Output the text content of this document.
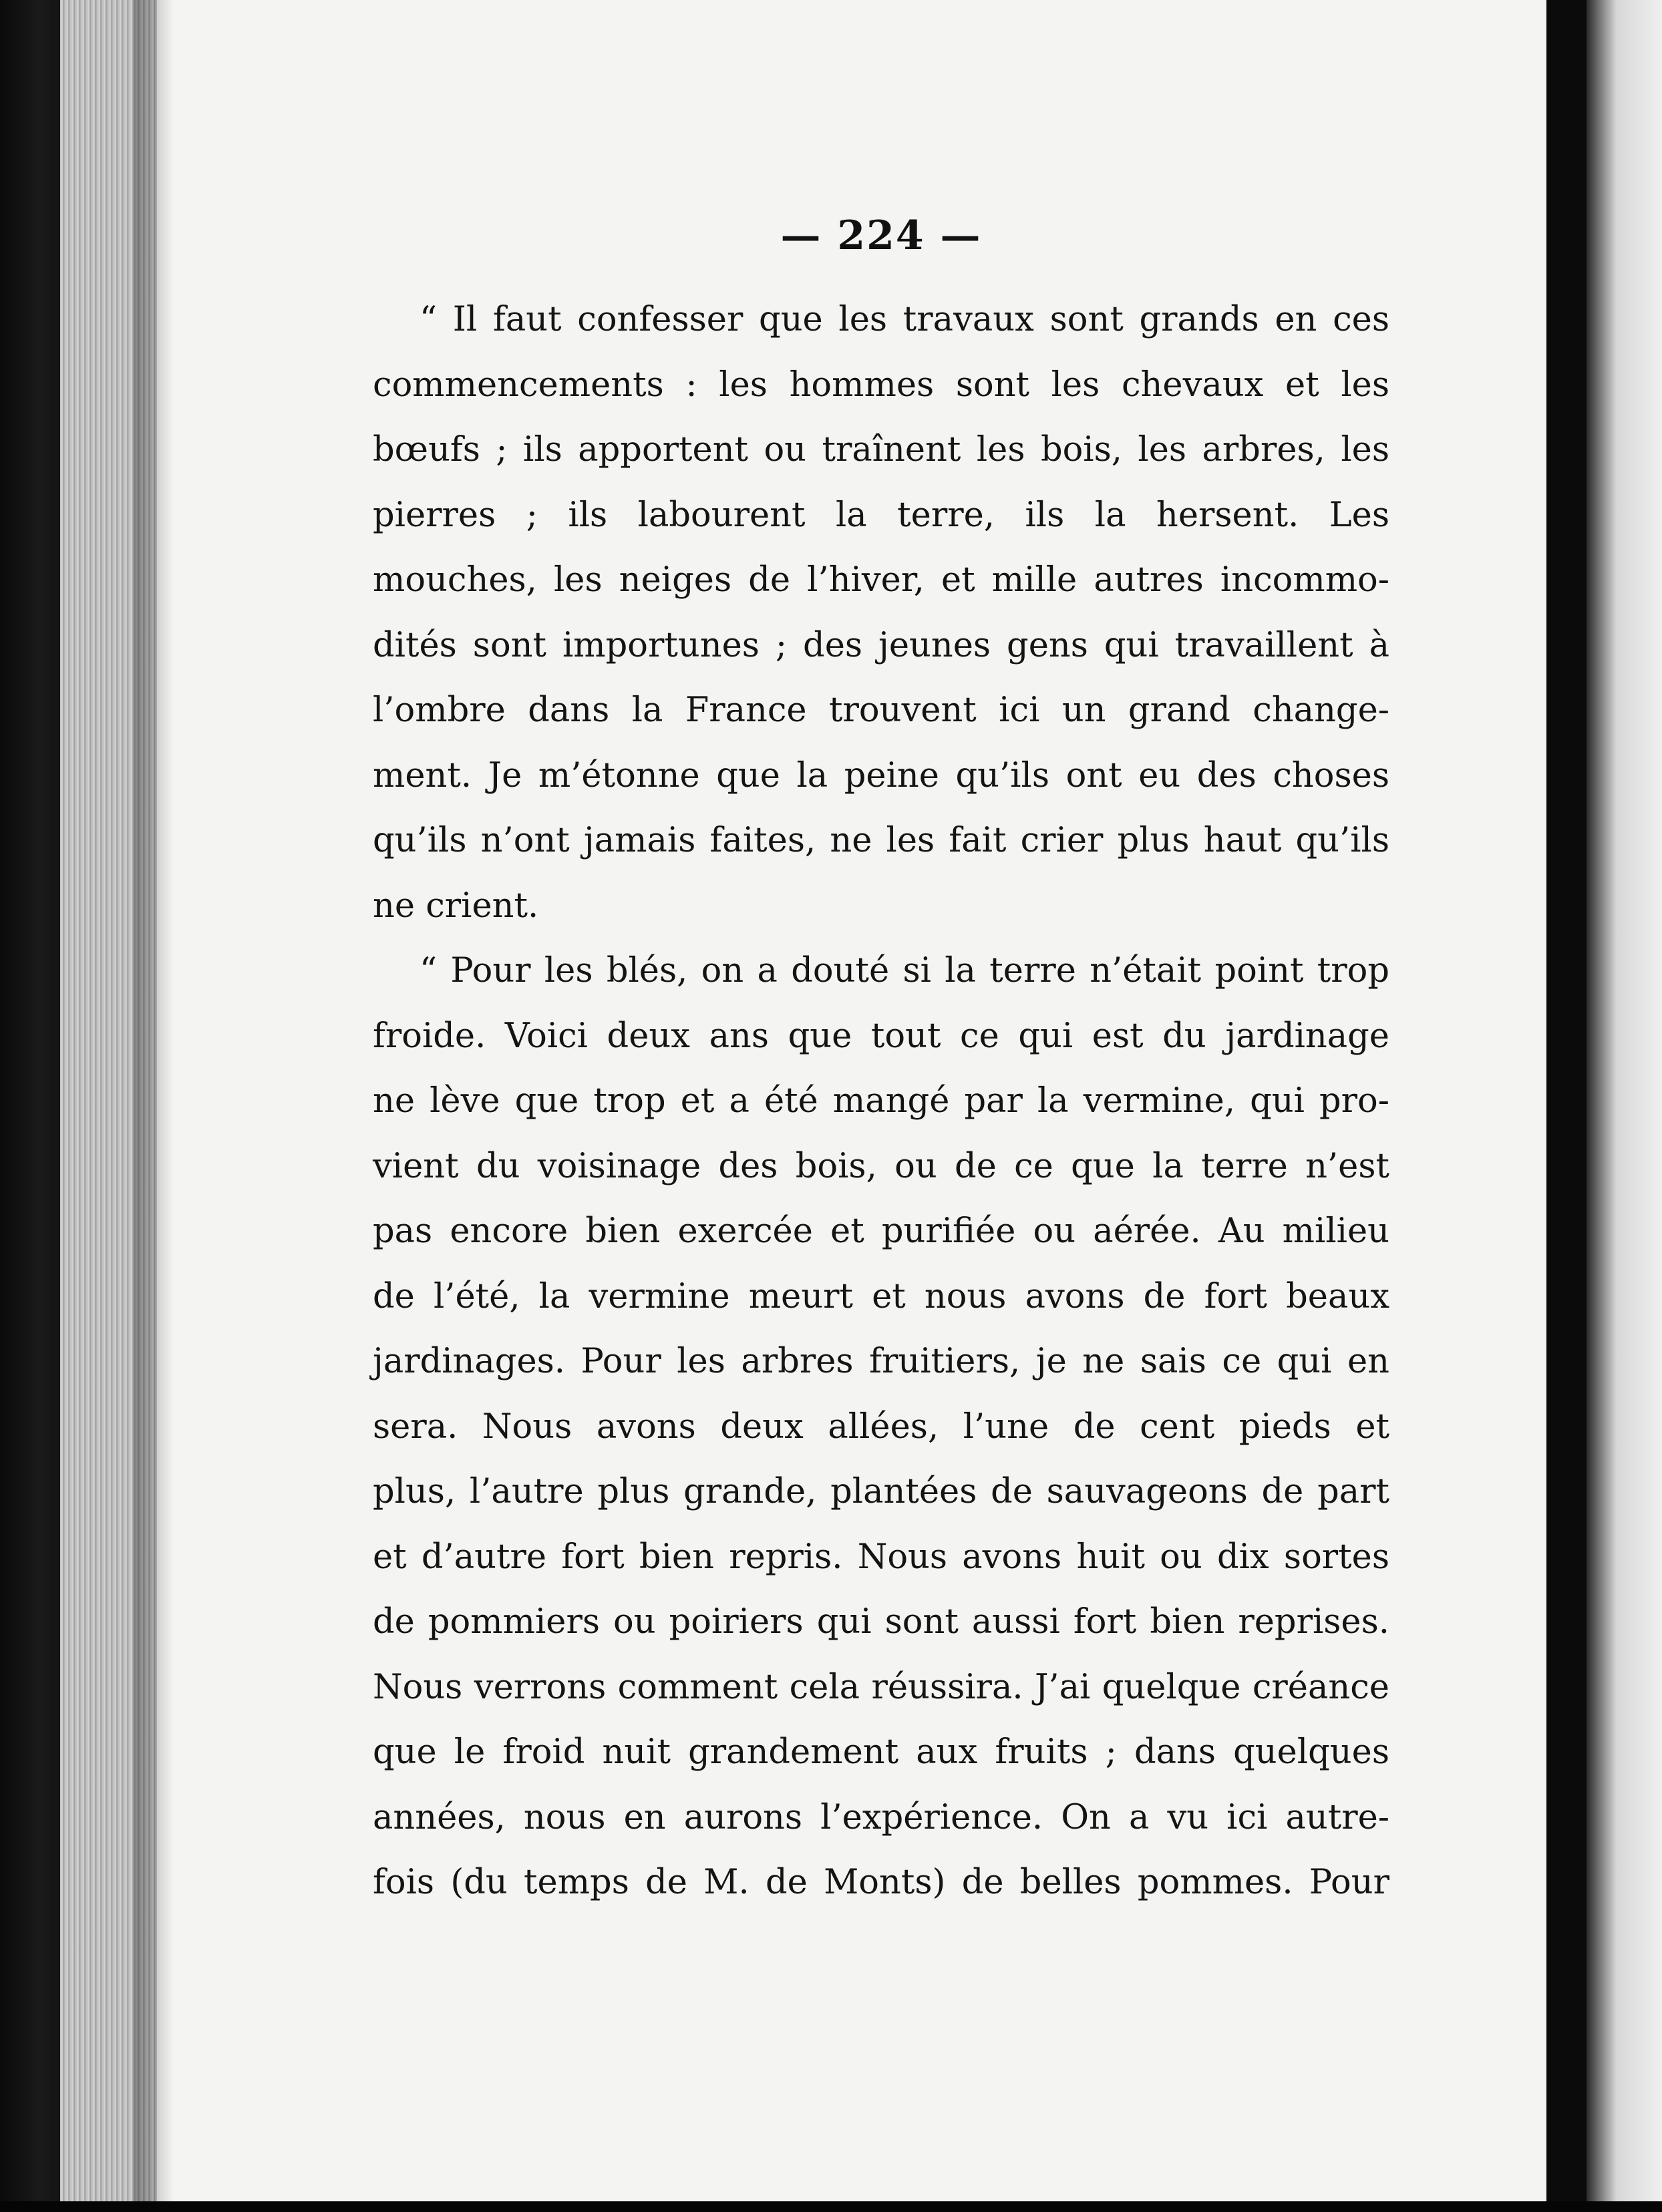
— 224 —
“ Il faut confesser que les travaux sont grands en ces
commencements : les hommes sont les chevaux et les
bœufs ; ils apportent ou traînent les bois, les arbres, les
pierres ; ils labourent la terre, ils la hersent. Les
mouches, les neiges de l’hiver, et mille autres incommo-
dités sont importunes ; des jeunes gens qui travaillent à
l’ombre dans la France trouvent ici un grand change-
ment. Je m’étonne que la peine qu’ils ont eu des choses
qu’ils n’ont jamais faites, ne les fait crier plus haut qu’ils
ne crient.
“ Pour les blés, on a douté si la terre n’était point trop
froide. Voici deux ans que tout ce qui est du jardinage
ne lève que trop et a été mangé par la vermine, qui pro-
vient du voisinage des bois, ou de ce que la terre n’est
pas encore bien exercée et purifiée ou aérée. Au milieu
de l’été, la vermine meurt et nous avons de fort beaux
jardinages. Pour les arbres fruitiers, je ne sais ce qui en
sera. Nous avons deux allées, l’une de cent pieds et
plus, l’autre plus grande, plantées de sauvageons de part
et d’autre fort bien repris. Nous avons huit ou dix sortes
de pommiers ou poiriers qui sont aussi fort bien reprises.
Nous verrons comment cela réussira. J’ai quelque créance
que le froid nuit grandement aux fruits ; dans quelques
années, nous en aurons l’expérience. On a vu ici autre-
fois (du temps de M. de Monts) de belles pommes. Pour
